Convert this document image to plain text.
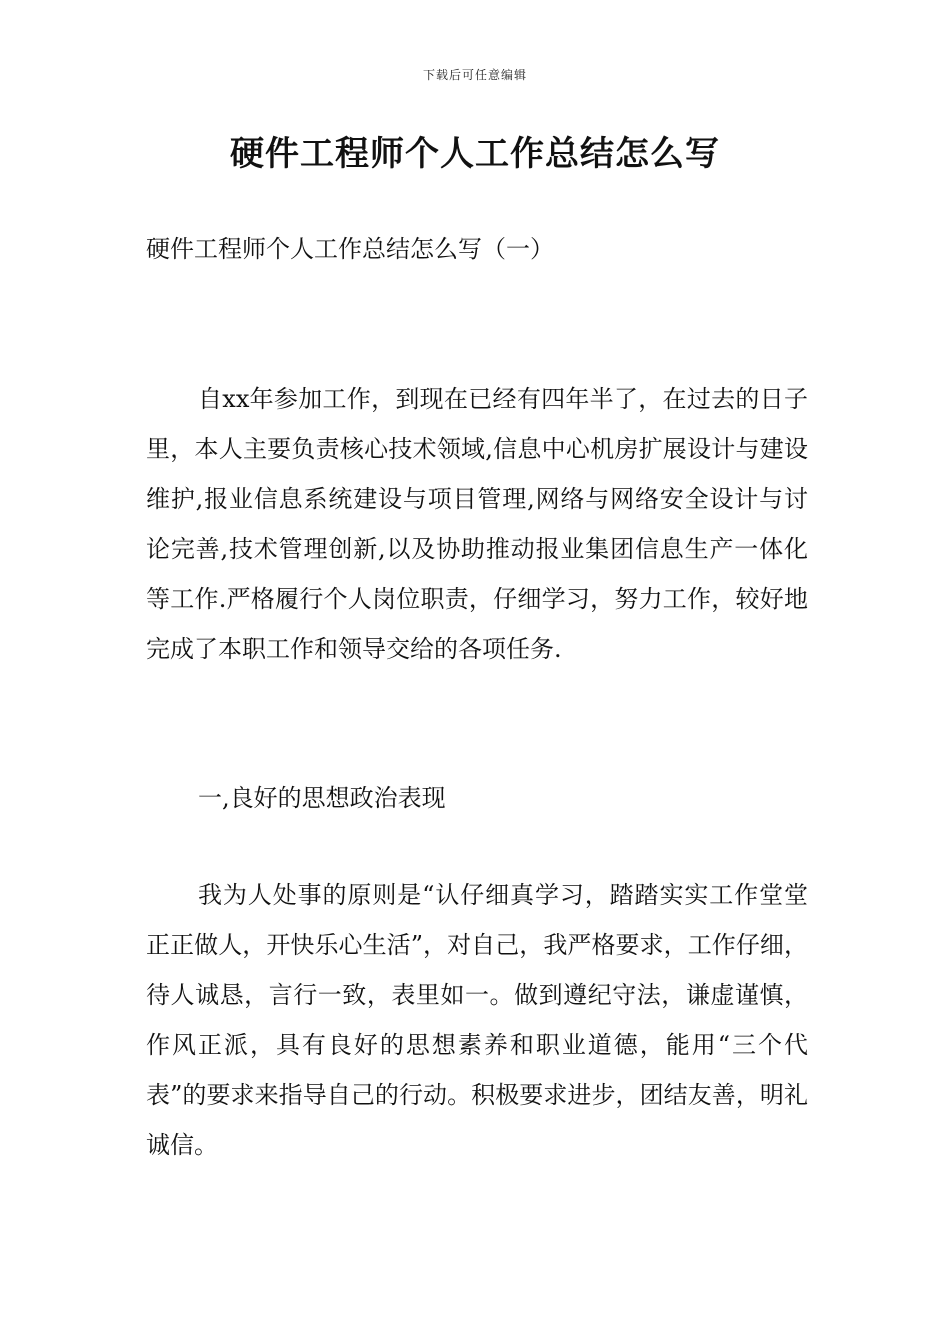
下载后可任意编辑
硬件工程师个人工作总结怎么写

硬件工程师个人工作总结怎么写（一）

自xx年参加工作，到现在已经有四年半了，在过去的日子里，本人主要负责核心技术领域,信息中心机房扩展设计与建设维护,报业信息系统建设与项目管理,网络与网络安全设计与讨论完善,技术管理创新,以及协助推动报业集团信息生产一体化等工作.严格履行个人岗位职责，仔细学习，努力工作，较好地完成了本职工作和领导交给的各项任务.

一,良好的思想政治表现

我为人处事的原则是“认仔细真学习，踏踏实实工作堂堂正正做人，开快乐心生活”，对自己，我严格要求，工作仔细，待人诚恳，言行一致，表里如一。做到遵纪守法，谦虚谨慎，作风正派，具有良好的思想素养和职业道德，能用“三个代表”的要求来指导自己的行动。积极要求进步，团结友善，明礼诚信。
